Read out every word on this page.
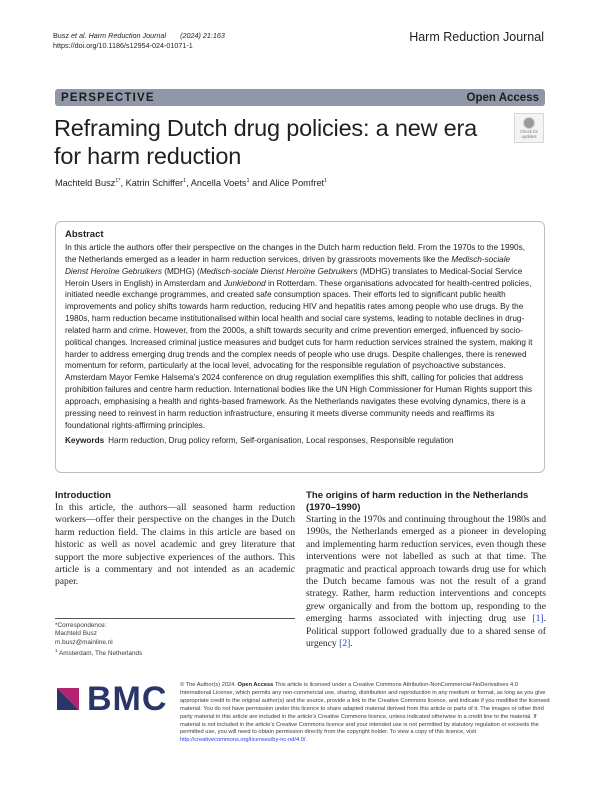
Busz et al. Harm Reduction Journal (2024) 21:163
https://doi.org/10.1186/s12954-024-01071-1
Harm Reduction Journal
PERSPECTIVE	Open Access
Check for updates
Reframing Dutch drug policies: a new era for harm reduction
Machteld Busz$^{1*}$, Katrin Schiffer$^1$, Ancella Voets$^1$ and Alice Pomfret$^1$
Abstract

In this article the authors offer their perspective on the changes in the Dutch harm reduction field. From the 1970s to the 1990s, the Netherlands emerged as a leader in harm reduction services, driven by grassroots movements like the Medisch-sociale Dienst Heroïne Gebruikers (MDHG) (Medisch-sociale Dienst Heroïne Gebruikers (MDHG) translates to Medical-Social Service Heroin Users in English) in Amsterdam and Junkiebond in Rotterdam. These organisations advocated for health-centred policies, initiated needle exchange programmes, and created safe consumption spaces. Their efforts led to significant public health improvements and policy shifts towards harm reduction, reducing HIV and hepatitis rates among people who use drugs. By the 1980s, harm reduction became institutionalised within local health and social care systems, leading to notable declines in drug-related harm and crime. However, from the 2000s, a shift towards security and crime prevention emerged, influenced by socio-political changes. Increased criminal justice measures and budget cuts for harm reduction services strained the system, making it harder to address emerging drug trends and the complex needs of people who use drugs. Despite challenges, there is renewed momentum for reform, particularly at the local level, advocating for the responsible regulation of psychoactive substances. Amsterdam Mayor Femke Halsema’s 2024 conference on drug regulation exemplifies this shift, calling for policies that address prohibition failures and centre harm reduction. International bodies like the UN High Commissioner for Human Rights support this approach, emphasising a health and rights-based framework. As the Netherlands navigates these evolving dynamics, there is a pressing need to reinvest in harm reduction infrastructure, ensuring it meets diverse community needs and reaffirms its foundational rights-affirming principles.

Keywords Harm reduction, Drug policy reform, Self-organisation, Local responses, Responsible regulation
Introduction

In this article, the authors—all seasoned harm reduction workers—offer their perspective on the changes in the Dutch harm reduction field. The claims in this article are based on historic as well as novel academic and grey literature that support the more subjective experiences of the authors. This article is a commentary and not intended as an academic paper.

*Correspondence:
Machteld Busz
m.busz@mainline.nl
$^1$ Amsterdam, The Netherlands
The origins of harm reduction in the Netherlands (1970–1990)

Starting in the 1970s and continuing throughout the 1980s and 1990s, the Netherlands emerged as a pioneer in developing and implementing harm reduction services, even though these interventions were not labelled as such at that time. The pragmatic and practical approach towards drug use for which the Dutch became famous was not the result of a grand strategy. Rather, harm reduction interventions and concepts grew organically and from the bottom up, responding to the emerging harms associated with injecting drug use [1]. Political support followed gradually due to a shared sense of urgency [2].

BMC © The Author(s) 2024. Open Access This article is licensed under a Creative Commons Attribution-NonCommercial-NoDerivatives 4.0 International License, which permits any non-commercial use, sharing, distribution and reproduction in any medium or format, as long as you give appropriate credit to the original author(s) and the source, provide a link to the Creative Commons licence, and indicate if you modified the licensed material. You do not have permission under this licence to share adapted material derived from this article or parts of it. The images or other third party material in this article are included in the article’s Creative Commons licence, unless indicated otherwise in a credit line to the material. If material is not included in the article’s Creative Commons licence and your intended use is not permitted by statutory regulation or exceeds the permitted use, you will need to obtain permission directly from the copyright holder. To view a copy of this licence, visit http://creativecommons.org/licenses/by-nc-nd/4.0/.
